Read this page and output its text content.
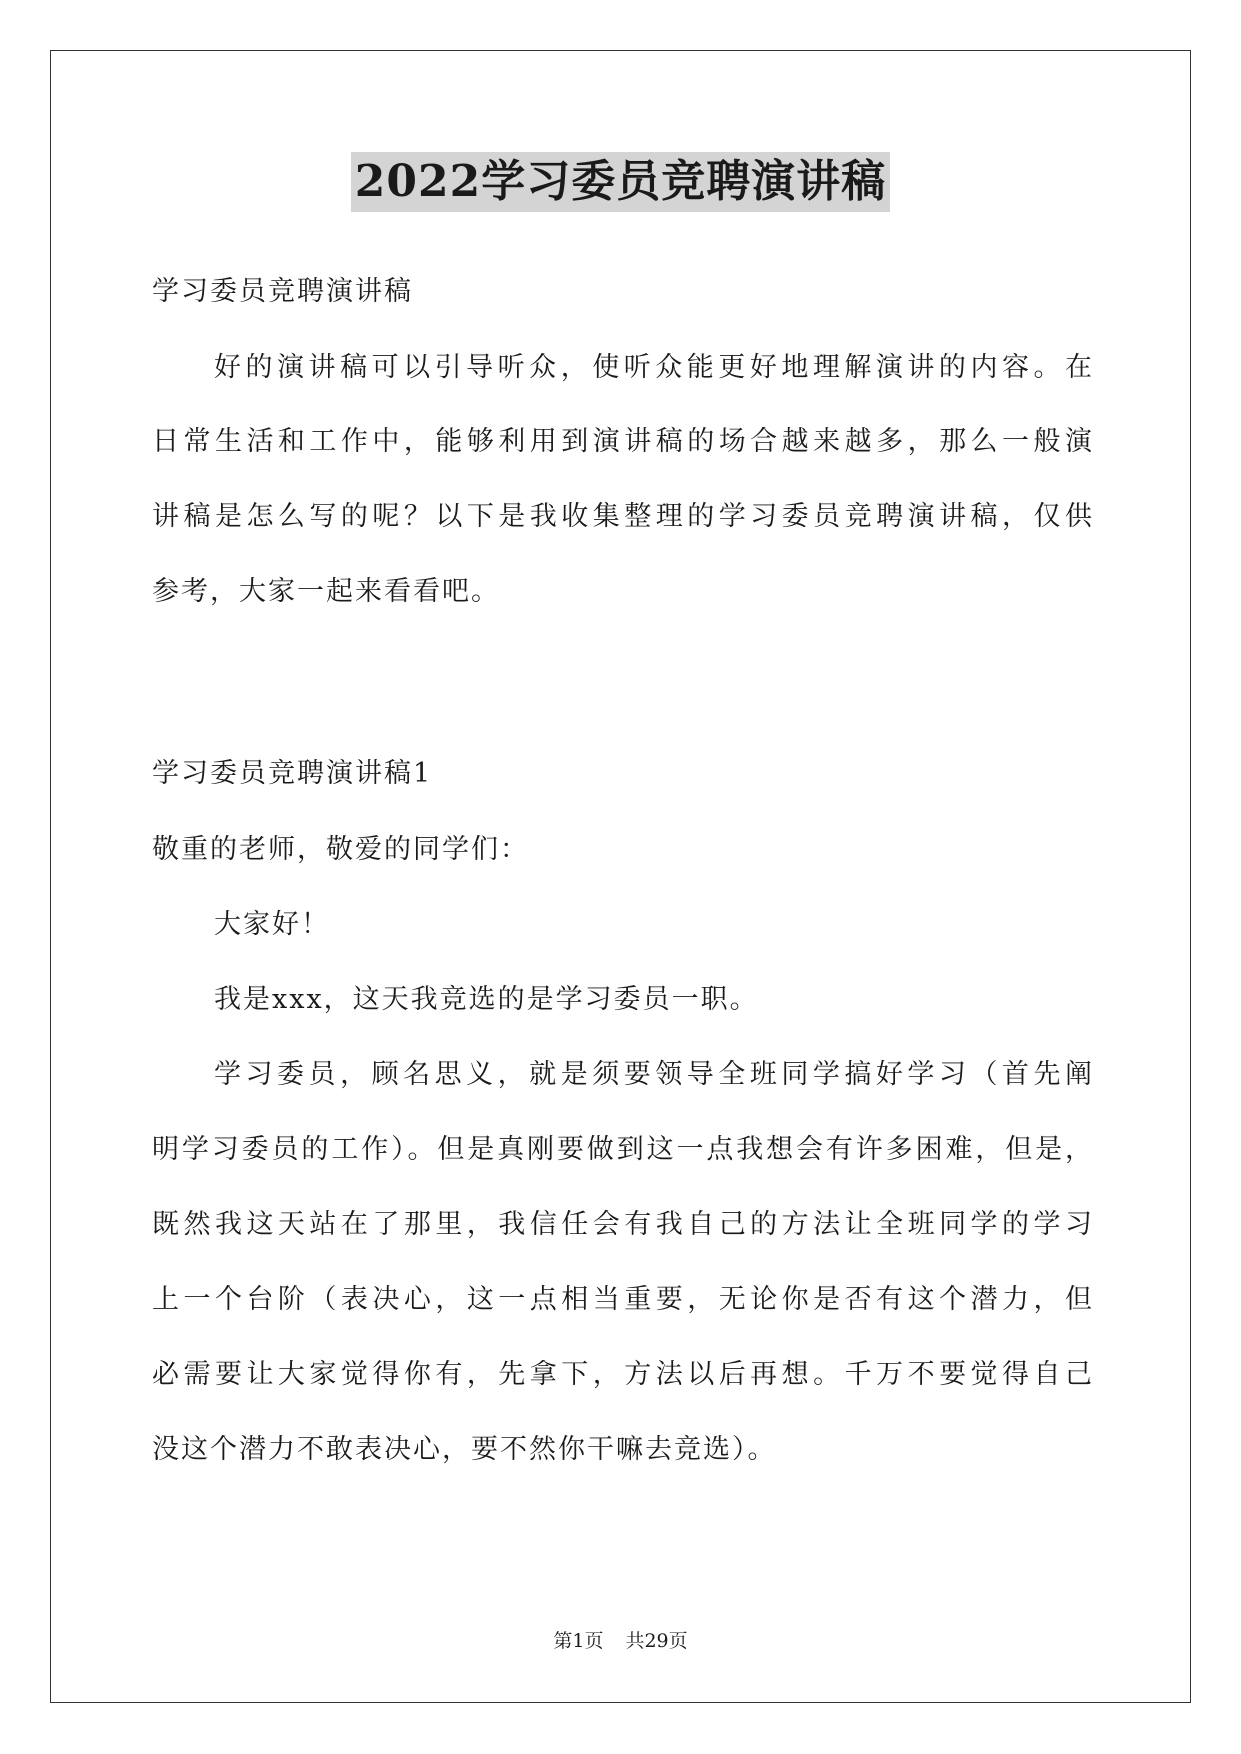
2022学习委员竞聘演讲稿
学习委员竞聘演讲稿
好的演讲稿可以引导听众，使听众能更好地理解演讲的内容。在
日常生活和工作中，能够利用到演讲稿的场合越来越多，那么一般演
讲稿是怎么写的呢？以下是我收集整理的学习委员竞聘演讲稿，仅供
参考，大家一起来看看吧。
学习委员竞聘演讲稿1
敬重的老师，敬爱的同学们：
大家好！
我是xxx，这天我竞选的是学习委员一职。
学习委员，顾名思义，就是须要领导全班同学搞好学习（首先阐
明学习委员的工作）。但是真刚要做到这一点我想会有许多困难，但是，
既然我这天站在了那里，我信任会有我自己的方法让全班同学的学习
上一个台阶（表决心，这一点相当重要，无论你是否有这个潜力，但
必需要让大家觉得你有，先拿下，方法以后再想。千万不要觉得自己
没这个潜力不敢表决心，要不然你干嘛去竞选）。
第1页 共29页
